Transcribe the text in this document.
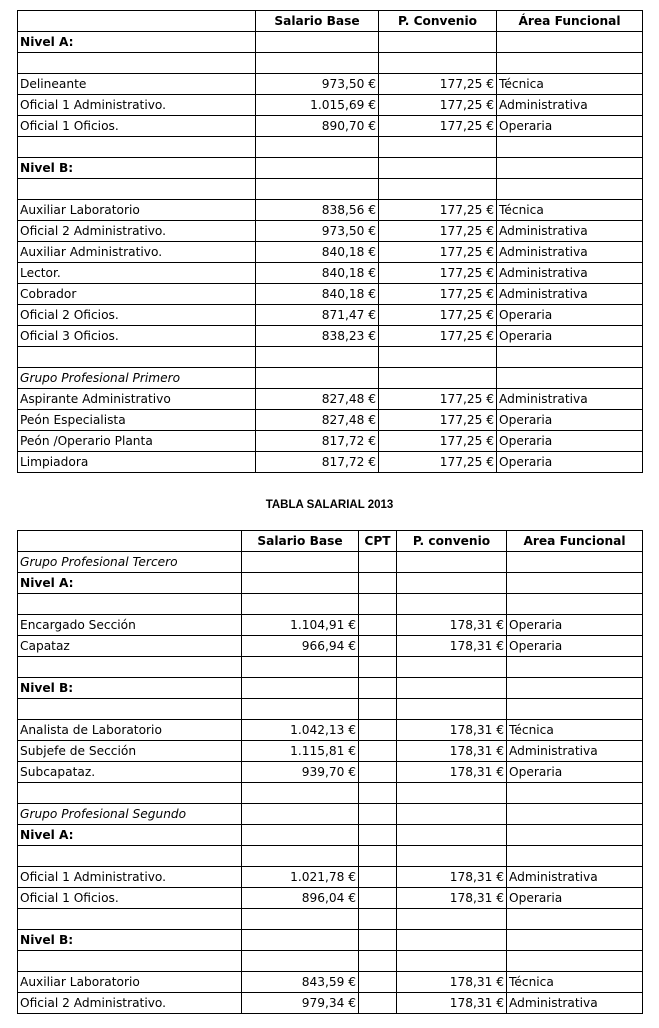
	Salario Base	P. Convenio	Área Funcional
Nivel A:			

Delineante	973,50 €	177,25 €	Técnica
Oficial 1 Administrativo.	1.015,69 €	177,25 €	Administrativa
Oficial 1 Oficios.	890,70 €	177,25 €	Operaria

Nivel B:			

Auxiliar Laboratorio	838,56 €	177,25 €	Técnica
Oficial 2 Administrativo.	973,50 €	177,25 €	Administrativa
Auxiliar Administrativo.	840,18 €	177,25 €	Administrativa
Lector.	840,18 €	177,25 €	Administrativa
Cobrador	840,18 €	177,25 €	Administrativa
Oficial 2 Oficios.	871,47 €	177,25 €	Operaria
Oficial 3 Oficios.	838,23 €	177,25 €	Operaria

Grupo Profesional Primero			
Aspirante Administrativo	827,48 €	177,25 €	Administrativa
Peón Especialista	827,48 €	177,25 €	Operaria
Peón /Operario Planta	817,72 €	177,25 €	Operaria
Limpiadora	817,72 €	177,25 €	Operaria
TABLA SALARIAL 2013
	Salario Base	CPT	P. convenio	Area Funcional
Grupo Profesional Tercero				
Nivel A:				

Encargado Sección	1.104,91 €		178,31 €	Operaria
Capataz	966,94 €		178,31 €	Operaria

Nivel B:				

Analista de Laboratorio	1.042,13 €		178,31 €	Técnica
Subjefe de Sección	1.115,81 €		178,31 €	Administrativa
Subcapataz.	939,70 €		178,31 €	Operaria

Grupo Profesional Segundo				
Nivel A:				

Oficial 1 Administrativo.	1.021,78 €		178,31 €	Administrativa
Oficial 1 Oficios.	896,04 €		178,31 €	Operaria

Nivel B:				

Auxiliar Laboratorio	843,59 €		178,31 €	Técnica
Oficial 2 Administrativo.	979,34 €		178,31 €	Administrativa
